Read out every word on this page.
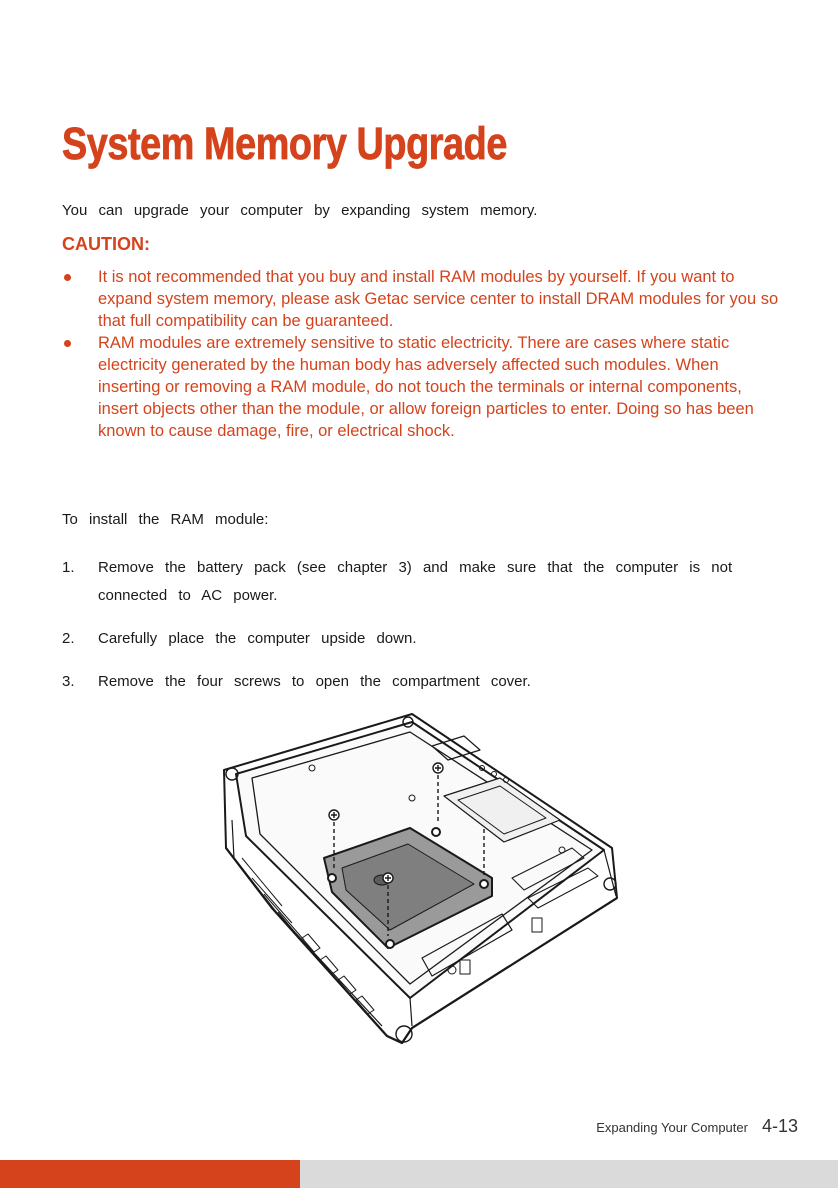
System Memory Upgrade

You can upgrade your computer by expanding system memory.

CAUTION:

It is not recommended that you buy and install RAM modules by yourself. If you want to expand system memory, please ask Getac service center to install DRAM modules for you so that full compatibility can be guaranteed.
RAM modules are extremely sensitive to static electricity. There are cases where static electricity generated by the human body has adversely affected such modules. When inserting or removing a RAM module, do not touch the terminals or internal components, insert objects other than the module, or allow foreign particles to enter. Doing so has been known to cause damage, fire, or electrical shock.

To install the RAM module:

1. Remove the battery pack (see chapter 3) and make sure that the computer is not connected to AC power.
2. Carefully place the computer upside down.
3. Remove the four screws to open the compartment cover.
Expanding Your Computer 4-13
